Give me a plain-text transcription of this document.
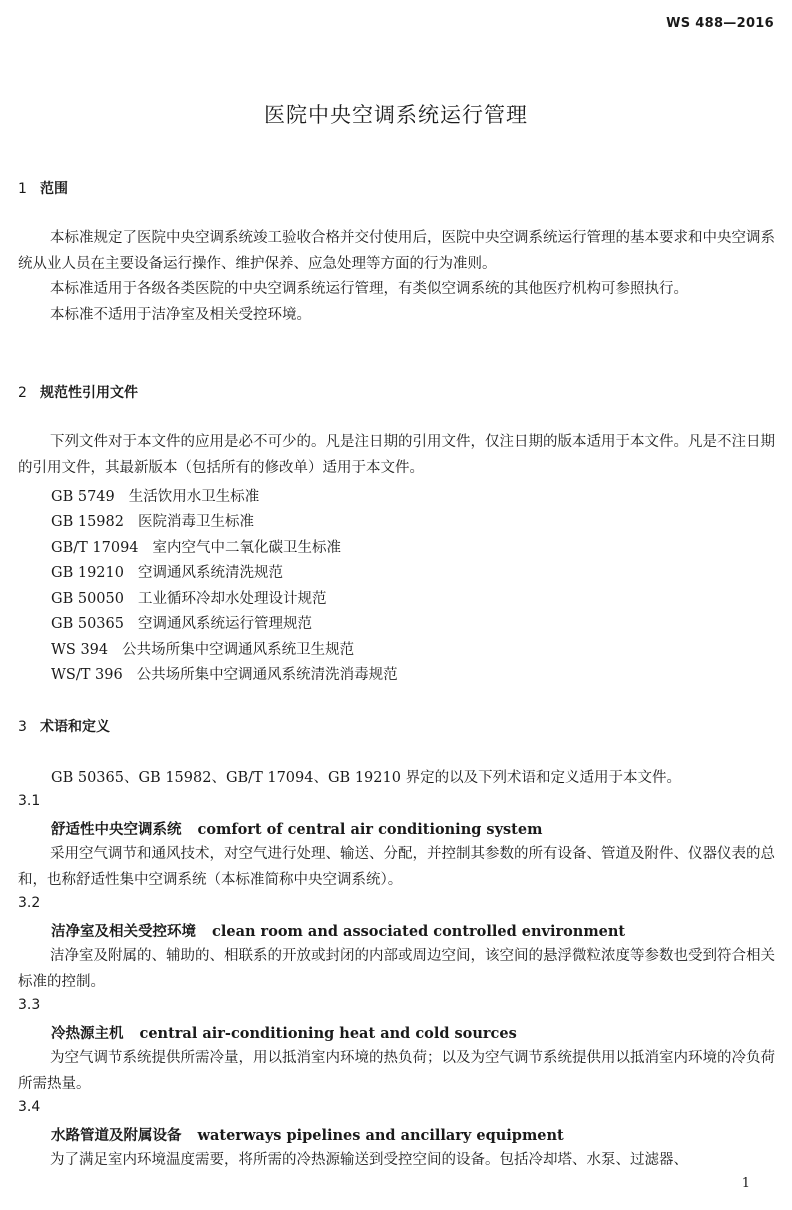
WS 488—2016
医院中央空调系统运行管理
1 范围

本标准规定了医院中央空调系统竣工验收合格并交付使用后，医院中央空调系统运行管理的基本要求和中央空调系统从业人员在主要设备运行操作、维护保养、应急处理等方面的行为准则。

本标准适用于各级各类医院的中央空调系统运行管理，有类似空调系统的其他医疗机构可参照执行。

本标准不适用于洁净室及相关受控环境。

2 规范性引用文件

下列文件对于本文件的应用是必不可少的。凡是注日期的引用文件，仅注日期的版本适用于本文件。凡是不注日期的引用文件，其最新版本（包括所有的修改单）适用于本文件。

GB 5749 生活饮用水卫生标准
GB 15982 医院消毒卫生标准
GB/T 17094 室内空气中二氧化碳卫生标准
GB 19210 空调通风系统清洗规范
GB 50050 工业循环冷却水处理设计规范
GB 50365 空调通风系统运行管理规范
WS 394 公共场所集中空调通风系统卫生规范
WS/T 396 公共场所集中空调通风系统清洗消毒规范
3 术语和定义
GB 50365、GB 15982、GB/T 17094、GB 19210 界定的以及下列术语和定义适用于本文件。
3.1
舒适性中央空调系统 comfort of central air conditioning system

采用空气调节和通风技术，对空气进行处理、输送、分配，并控制其参数的所有设备、管道及附件、仪器仪表的总和，也称舒适性集中空调系统（本标准简称中央空调系统）。

3.2
洁净室及相关受控环境 clean room and associated controlled environment

洁净室及附属的、辅助的、相联系的开放或封闭的内部或周边空间，该空间的悬浮微粒浓度等参数也受到符合相关标准的控制。

3.3
冷热源主机 central air-conditioning heat and cold sources

为空气调节系统提供所需冷量，用以抵消室内环境的热负荷；以及为空气调节系统提供用以抵消室内环境的冷负荷所需热量。

3.4
水路管道及附属设备 waterways pipelines and ancillary equipment

为了满足室内环境温度需要，将所需的冷热源输送到受控空间的设备。包括冷却塔、水泵、过滤器、

1
